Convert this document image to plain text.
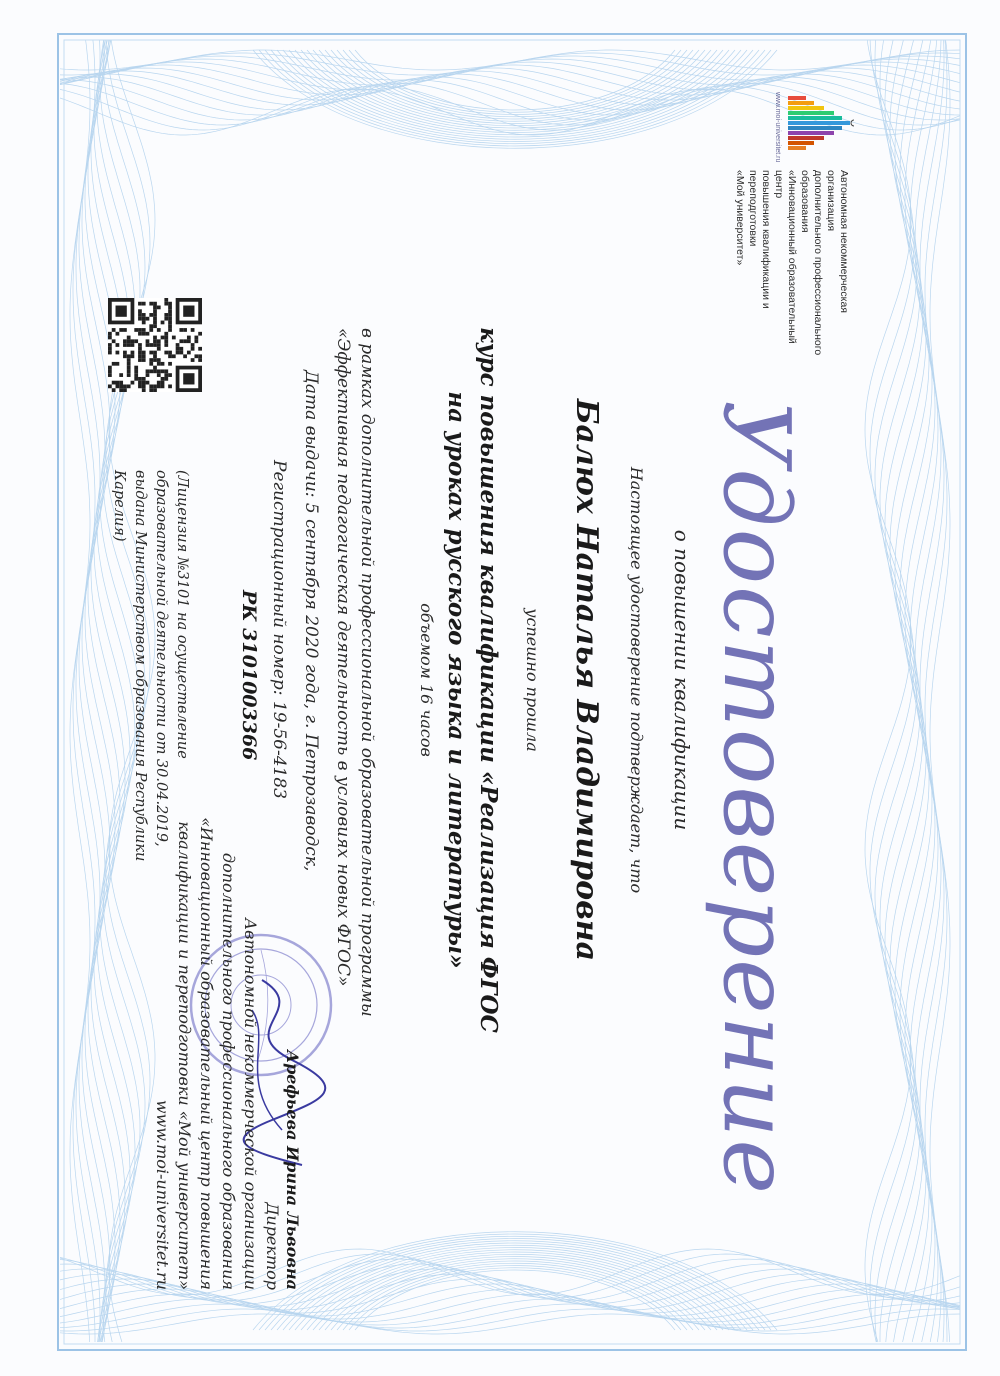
Удостоверение
о повышении квалификации
Настоящее удостоверение подтверждает, что
Балюх Наталья Владимировна
успешно прошла
курс повышения квалификации «Реализация ФГОС
на уроках русского языка и литературы»
объемом 16 часов
в рамках дополнительной профессиональной образовательной программы
«Эффективная педагогическая деятельность в условиях новых ФГОС»
Дата выдачи: 5 сентября 2020 года, г. Петрозаводск,
Регистрационный номер: 19-56-4183
РК 3101003366
www.moi-universitet.ru
Автономная некоммерческая организация
дополнительного профессионального образования
«Инновационный образовательный центр
повышения квалификации и переподготовки
«Мой университет»
(Лицензия №3101 на осуществление
образовательной деятельности от 30.04.2019,
выдана Министерством образования Республики Карелия)
Арефьева Ирина Львовна
Директор
Автономной некоммерческой организации
дополнительного профессионального образования
«Инновационный образовательный центр повышения
квалификации и переподготовки «Мой университет»
www.moi-universitet.ru
